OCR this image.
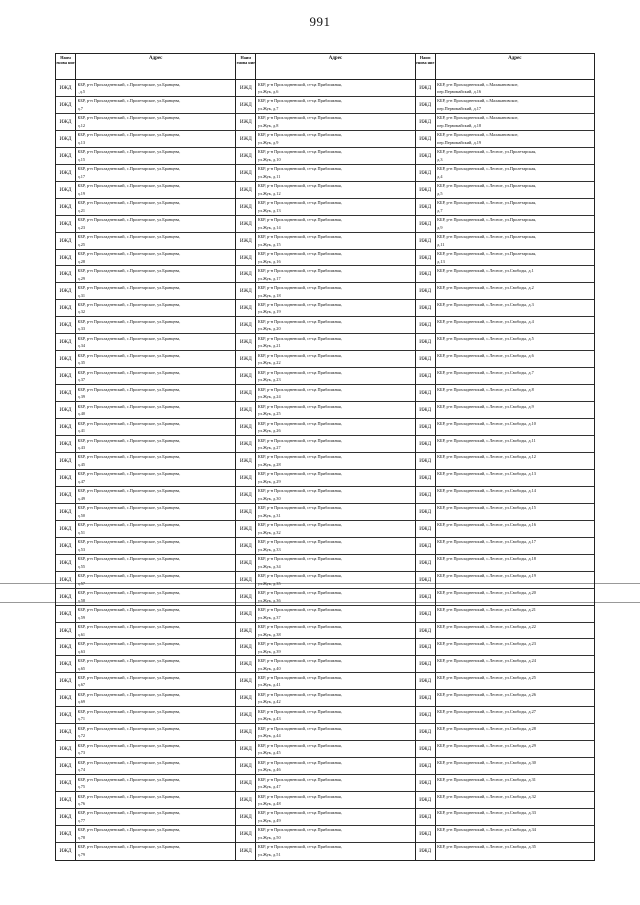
991
Наим енова ние
Адрес	Наим енова ние
Адрес	Наим енова ние
Адрес
ИЖД
КБР, р-н Прохладненский, с.Пролетарское, ул.Бранцева,
, д.5
ИЖД
КБР, р-н Прохладненский, с.Пролетарское, ул.Бранцева,
д.7
ИЖД
КБР, р-н Прохладненский, с.Пролетарское, ул.Бранцева,
д.12
ИЖД
КБР, р-н Прохладненский, с.Пролетарское, ул.Бранцева,
д.13
ИЖД
КБР, р-н Прохладненский, с.Пролетарское, ул.Бранцева,
д.15
ИЖД
КБР, р-н Прохладненский, с.Пролетарское, ул.Бранцева,
д.17
ИЖД
КБР, р-н Прохладненский, с.Пролетарское, ул.Бранцева,
д.19
ИЖД
КБР, р-н Прохладненский, с.Пролетарское, ул.Бранцева,
д.21
ИЖД
КБР, р-н Прохладненский, с.Пролетарское, ул.Бранцева,
д.23
ИЖД
КБР, р-н Прохладненский, с.Пролетарское, ул.Бранцева,
д.25
ИЖД
КБР, р-н Прохладненский, с.Пролетарское, ул.Бранцева,
д.28
ИЖД
КБР, р-н Прохладненский, с.Пролетарское, ул.Бранцева,
д.29
ИЖД
КБР, р-н Прохладненский, с.Пролетарское, ул.Бранцева,
д.31
ИЖД
КБР, р-н Прохладненский, с.Пролетарское, ул.Бранцева,
д.32
ИЖД
КБР, р-н Прохладненский, с.Пролетарское, ул.Бранцева,
д.33
ИЖД
КБР, р-н Прохладненский, с.Пролетарское, ул.Бранцева,
д.34
ИЖД
КБР, р-н Прохладненский, с.Пролетарское, ул.Бранцева,
д.35
ИЖД
КБР, р-н Прохладненский, с.Пролетарское, ул.Бранцева,
д.37
ИЖД
КБР, р-н Прохладненский, с.Пролетарское, ул.Бранцева,
д.39
ИЖД
КБР, р-н Прохладненский, с.Пролетарское, ул.Бранцева,
д.40
ИЖД
КБР, р-н Прохладненский, с.Пролетарское, ул.Бранцева,
д.41
ИЖД
КБР, р-н Прохладненский, с.Пролетарское, ул.Бранцева,
д.43
ИЖД
КБР, р-н Прохладненский, с.Пролетарское, ул.Бранцева,
д.45
ИЖД
КБР, р-н Прохладненский, с.Пролетарское, ул.Бранцева,
д.47
ИЖД
КБР, р-н Прохладненский, с.Пролетарское, ул.Бранцева,
д.49
ИЖД
КБР, р-н Прохладненский, с.Пролетарское, ул.Бранцева,
д.50
ИЖД
КБР, р-н Прохладненский, с.Пролетарское, ул.Бранцева,
д.51
ИЖД
КБР, р-н Прохладненский, с.Пролетарское, ул.Бранцева,
д.53
ИЖД
КБР, р-н Прохладненский, с.Пролетарское, ул.Бранцева,
д.55
ИЖД
КБР, р-н Прохладненский, с.Пролетарское, ул.Бранцева,
д.57
ИЖД
КБР, р-н Прохладненский, с.Пролетарское, ул.Бранцева,
д.58
ИЖД
КБР, р-н Прохладненский, с.Пролетарское, ул.Бранцева,
д.59
ИЖД
КБР, р-н Прохладненский, с.Пролетарское, ул.Бранцева,
д.61
ИЖД
КБР, р-н Прохладненский, с.Пролетарское, ул.Бранцева,
д.63
ИЖД
КБР, р-н Прохладненский, с.Пролетарское, ул.Бранцева,
д.65
ИЖД
КБР, р-н Прохладненский, с.Пролетарское, ул.Бранцева,
д.67
ИЖД
КБР, р-н Прохладненский, с.Пролетарское, ул.Бранцева,
д.69
ИЖД
КБР, р-н Прохладненский, с.Пролетарское, ул.Бранцева,
д.71
ИЖД
КБР, р-н Прохладненский, с.Пролетарское, ул.Бранцева,
д.72
ИЖД
КБР, р-н Прохладненский, с.Пролетарское, ул.Бранцева,
д.73
ИЖД
КБР, р-н Прохладненский, с.Пролетарское, ул.Бранцева,
д.74
ИЖД
КБР, р-н Прохладненский, с.Пролетарское, ул.Бранцева,
д.75
ИЖД
КБР, р-н Прохладненский, с.Пролетарское, ул.Бранцева,
д.76
ИЖД
КБР, р-н Прохладненский, с.Пролетарское, ул.Бранцева,
д.77
ИЖД
КБР, р-н Прохладненский, с.Пролетарское, ул.Бранцева,
д.78
ИЖД
КБР, р-н Прохладненский, с.Пролетарское, ул.Бранцева,
д.79
ИЖД
КБР, р-н Прохладненский, ст-ца Приближная,
ул.Жук, д.6
ИЖД
КБР, р-н Прохладненский, ст-ца Приближная,
ул.Жук, д.7
ИЖД
КБР, р-н Прохладненский, ст-ца Приближная,
ул.Жук, д.8
ИЖД
КБР, р-н Прохладненский, ст-ца Приближная,
ул.Жук, д.9
ИЖД
КБР, р-н Прохладненский, ст-ца Приближная,
ул.Жук, д.10
ИЖД
КБР, р-н Прохладненский, ст-ца Приближная,
ул.Жук, д.11
ИЖД
КБР, р-н Прохладненский, ст-ца Приближная,
ул.Жук, д.12
ИЖД
КБР, р-н Прохладненский, ст-ца Приближная,
ул.Жук, д.13
ИЖД
КБР, р-н Прохладненский, ст-ца Приближная,
ул.Жук, д.14
ИЖД
КБР, р-н Прохладненский, ст-ца Приближная,
ул.Жук, д.15
ИЖД
КБР, р-н Прохладненский, ст-ца Приближная,
ул.Жук, д.16
ИЖД
КБР, р-н Прохладненский, ст-ца Приближная,
ул.Жук, д.17
ИЖД
КБР, р-н Прохладненский, ст-ца Приближная,
ул.Жук, д.18
ИЖД
КБР, р-н Прохладненский, ст-ца Приближная,
ул.Жук, д.19
ИЖД
КБР, р-н Прохладненский, ст-ца Приближная,
ул.Жук, д.20
ИЖД
КБР, р-н Прохладненский, ст-ца Приближная,
ул.Жук, д.21
ИЖД
КБР, р-н Прохладненский, ст-ца Приближная,
ул.Жук, д.22
ИЖД
КБР, р-н Прохладненский, ст-ца Приближная,
ул.Жук, д.23
ИЖД
КБР, р-н Прохладненский, ст-ца Приближная,
ул.Жук, д.24
ИЖД
КБР, р-н Прохладненский, ст-ца Приближная,
ул.Жук, д.25
ИЖД
КБР, р-н Прохладненский, ст-ца Приближная,
ул.Жук, д.26
ИЖД
КБР, р-н Прохладненский, ст-ца Приближная,
ул.Жук, д.27
ИЖД
КБР, р-н Прохладненский, ст-ца Приближная,
ул.Жук, д.28
ИЖД
КБР, р-н Прохладненский, ст-ца Приближная,
ул.Жук, д.29
ИЖД
КБР, р-н Прохладненский, ст-ца Приближная,
ул.Жук, д.30
ИЖД
КБР, р-н Прохладненский, ст-ца Приближная,
ул.Жук, д.31
ИЖД
КБР, р-н Прохладненский, ст-ца Приближная,
ул.Жук, д.32
ИЖД
КБР, р-н Прохладненский, ст-ца Приближная,
ул.Жук, д.33
ИЖД
КБР, р-н Прохладненский, ст-ца Приближная,
ул.Жук, д.34
ИЖД
КБР, р-н Прохладненский, ст-ца Приближная,
ул.Жук, д.35
ИЖД
КБР, р-н Прохладненский, ст-ца Приближная,
ул.Жук, д.36
ИЖД
КБР, р-н Прохладненский, ст-ца Приближная,
ул.Жук, д.37
ИЖД
КБР, р-н Прохладненский, ст-ца Приближная,
ул.Жук, д.38
ИЖД
КБР, р-н Прохладненский, ст-ца Приближная,
ул.Жук, д.39
ИЖД
КБР, р-н Прохладненский, ст-ца Приближная,
ул.Жук, д.40
ИЖД
КБР, р-н Прохладненский, ст-ца Приближная,
ул.Жук, д.41
ИЖД
КБР, р-н Прохладненский, ст-ца Приближная,
ул.Жук, д.42
ИЖД
КБР, р-н Прохладненский, ст-ца Приближная,
ул.Жук, д.43
ИЖД
КБР, р-н Прохладненский, ст-ца Приближная,
ул.Жук, д.44
ИЖД
КБР, р-н Прохладненский, ст-ца Приближная,
ул.Жук, д.45
ИЖД
КБР, р-н Прохладненский, ст-ца Приближная,
ул.Жук, д.46
ИЖД
КБР, р-н Прохладненский, ст-ца Приближная,
ул.Жук, д.47
ИЖД
КБР, р-н Прохладненский, ст-ца Приближная,
ул.Жук, д.48
ИЖД
КБР, р-н Прохладненский, ст-ца Приближная,
ул.Жук, д.49
ИЖД
КБР, р-н Прохладненский, ст-ца Приближная,
ул.Жук, д.50
ИЖД
КБР, р-н Прохладненский, ст-ца Приближная,
ул.Жук, д.51
ИЖД
КБР, р-н Прохладненский, с.Малакановское,
пер.Первомайский, д.16
ИЖД
КБР, р-н Прохладненский, с.Малакановское,
пер.Первомайский, д.17
ИЖД
КБР, р-н Прохладненский, с.Малакановское,
пер.Первомайский, д.18
ИЖД
КБР, р-н Прохладненский, с.Малакановское,
пер.Первомайский, д.19
ИЖД
КБР, р-н Прохладненский, с.Лесное, ул.Пролетарская,
д.3
ИЖД
КБР, р-н Прохладненский, с.Лесное, ул.Пролетарская,
д.4
ИЖД
КБР, р-н Прохладненский, с.Лесное, ул.Пролетарская,
д.5
ИЖД
КБР, р-н Прохладненский, с.Лесное, ул.Пролетарская,
д.7
ИЖД
КБР, р-н Прохладненский, с.Лесное, ул.Пролетарская,
д.9
ИЖД
КБР, р-н Прохладненский, с.Лесное, ул.Пролетарская,
д.11
ИЖД
КБР, р-н Прохладненский, с.Лесное, ул.Пролетарская,
д.13
ИЖД
КБР, р-н Прохладненский, с.Лесное, ул.Свободы, д.1
ИЖД
КБР, р-н Прохладненский, с.Лесное, ул.Свободы, д.2
ИЖД
КБР, р-н Прохладненский, с.Лесное, ул.Свободы, д.3
ИЖД
КБР, р-н Прохладненский, с.Лесное, ул.Свободы, д.4
ИЖД
КБР, р-н Прохладненский, с.Лесное, ул.Свободы, д.5
ИЖД
КБР, р-н Прохладненский, с.Лесное, ул.Свободы, д.6
ИЖД
КБР, р-н Прохладненский, с.Лесное, ул.Свободы, д.7
ИЖД
КБР, р-н Прохладненский, с.Лесное, ул.Свободы, д.8
ИЖД
КБР, р-н Прохладненский, с.Лесное, ул.Свободы, д.9
ИЖД
КБР, р-н Прохладненский, с.Лесное, ул.Свободы, д.10
ИЖД
КБР, р-н Прохладненский, с.Лесное, ул.Свободы, д.11
ИЖД
КБР, р-н Прохладненский, с.Лесное, ул.Свободы, д.12
ИЖД
КБР, р-н Прохладненский, с.Лесное, ул.Свободы, д.13
ИЖД
КБР, р-н Прохладненский, с.Лесное, ул.Свободы, д.14
ИЖД
КБР, р-н Прохладненский, с.Лесное, ул.Свободы, д.15
ИЖД
КБР, р-н Прохладненский, с.Лесное, ул.Свободы, д.16
ИЖД
КБР, р-н Прохладненский, с.Лесное, ул.Свободы, д.17
ИЖД
КБР, р-н Прохладненский, с.Лесное, ул.Свободы, д.18
ИЖД
КБР, р-н Прохладненский, с.Лесное, ул.Свободы, д.19
ИЖД
КБР, р-н Прохладненский, с.Лесное, ул.Свободы, д.20
ИЖД
КБР, р-н Прохладненский, с.Лесное, ул.Свободы, д.21
ИЖД
КБР, р-н Прохладненский, с.Лесное, ул.Свободы, д.22
ИЖД
КБР, р-н Прохладненский, с.Лесное, ул.Свободы, д.23
ИЖД
КБР, р-н Прохладненский, с.Лесное, ул.Свободы, д.24
ИЖД
КБР, р-н Прохладненский, с.Лесное, ул.Свободы, д.25
ИЖД
КБР, р-н Прохладненский, с.Лесное, ул.Свободы, д.26
ИЖД
КБР, р-н Прохладненский, с.Лесное, ул.Свободы, д.27
ИЖД
КБР, р-н Прохладненский, с.Лесное, ул.Свободы, д.28
ИЖД
КБР, р-н Прохладненский, с.Лесное, ул.Свободы, д.29
ИЖД
КБР, р-н Прохладненский, с.Лесное, ул.Свободы, д.30
ИЖД
КБР, р-н Прохладненский, с.Лесное, ул.Свободы, д.31
ИЖД
КБР, р-н Прохладненский, с.Лесное, ул.Свободы, д.32
ИЖД
КБР, р-н Прохладненский, с.Лесное, ул.Свободы, д.33
ИЖД
КБР, р-н Прохладненский, с.Лесное, ул.Свободы, д.34
ИЖД
КБР, р-н Прохладненский, с.Лесное, ул.Свободы, д.35
